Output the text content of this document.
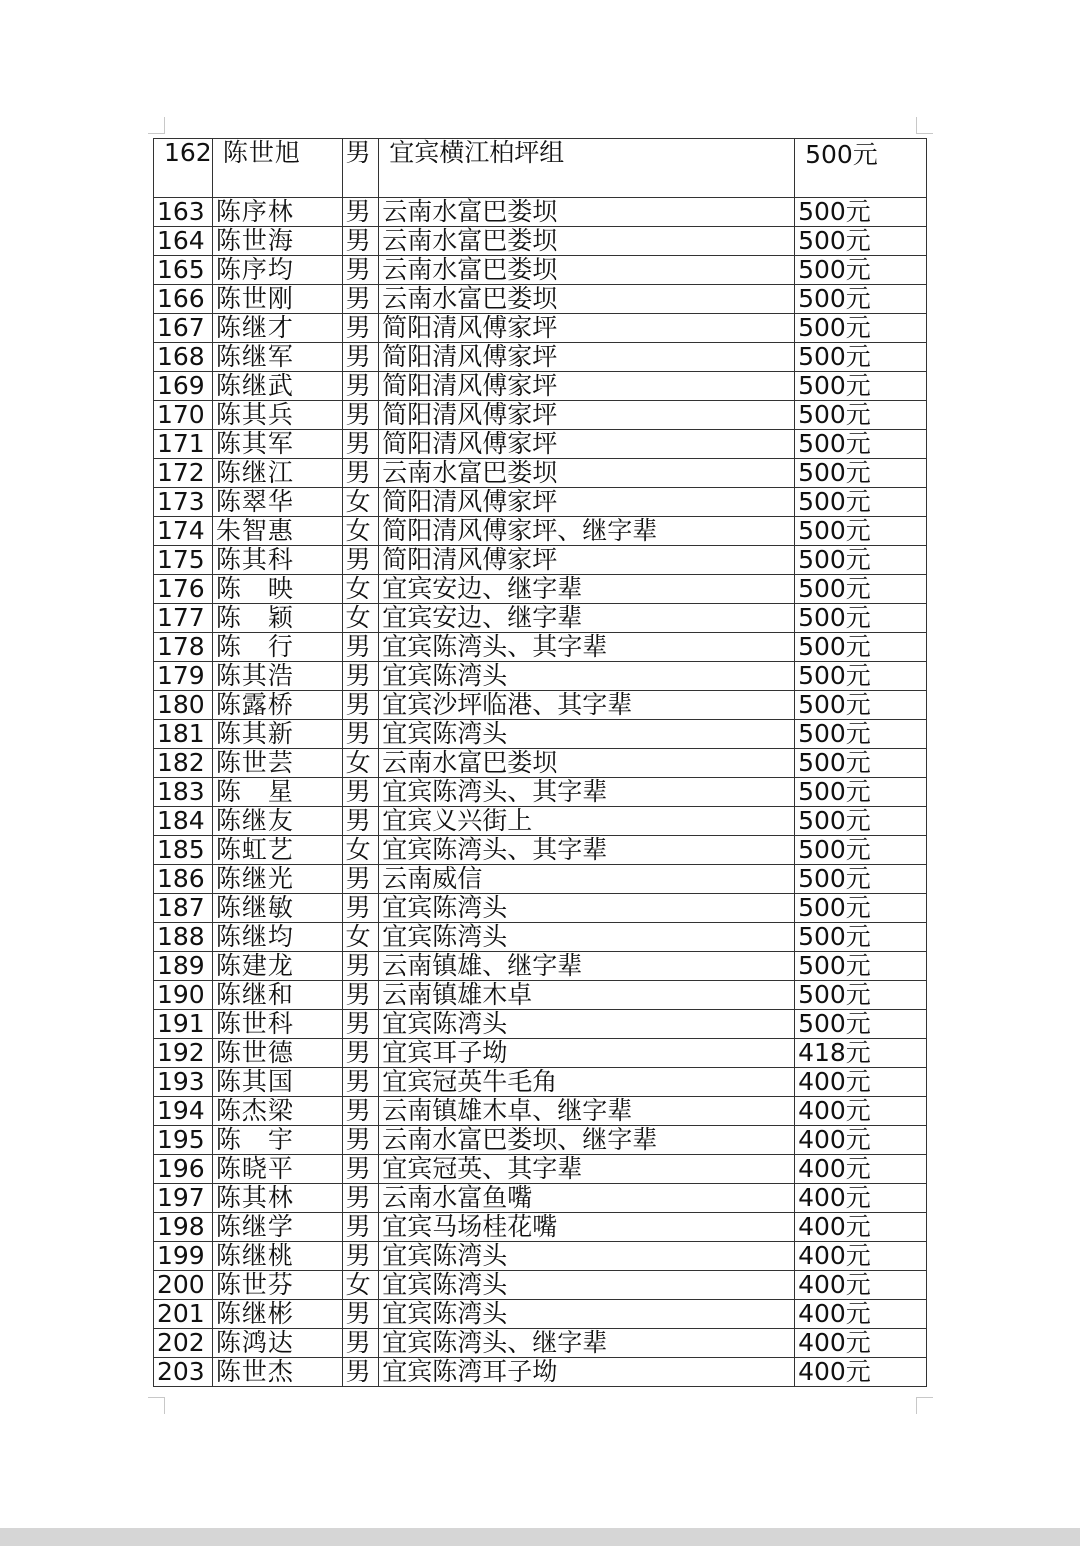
162	陈世旭	男	宜宾横江柏坪组	500元
163	陈序林	男	云南水富巴娄坝	500元
164	陈世海	男	云南水富巴娄坝	500元
165	陈序均	男	云南水富巴娄坝	500元
166	陈世刚	男	云南水富巴娄坝	500元
167	陈继才	男	简阳清风傅家坪	500元
168	陈继军	男	简阳清风傅家坪	500元
169	陈继武	男	简阳清风傅家坪	500元
170	陈其兵	男	简阳清风傅家坪	500元
171	陈其军	男	简阳清风傅家坪	500元
172	陈继江	男	云南水富巴娄坝	500元
173	陈翠华	女	简阳清风傅家坪	500元
174	朱智惠	女	简阳清风傅家坪、继字辈	500元
175	陈其科	男	简阳清风傅家坪	500元
176	陈　映	女	宜宾安边、继字辈	500元
177	陈　颖	女	宜宾安边、继字辈	500元
178	陈　行	男	宜宾陈湾头、其字辈	500元
179	陈其浩	男	宜宾陈湾头	500元
180	陈露桥	男	宜宾沙坪临港、其字辈	500元
181	陈其新	男	宜宾陈湾头	500元
182	陈世芸	女	云南水富巴娄坝	500元
183	陈　星	男	宜宾陈湾头、其字辈	500元
184	陈继友	男	宜宾义兴街上	500元
185	陈虹艺	女	宜宾陈湾头、其字辈	500元
186	陈继光	男	云南威信	500元
187	陈继敏	男	宜宾陈湾头	500元
188	陈继均	女	宜宾陈湾头	500元
189	陈建龙	男	云南镇雄、继字辈	500元
190	陈继和	男	云南镇雄木卓	500元
191	陈世科	男	宜宾陈湾头	500元
192	陈世德	男	宜宾耳子坳	418元
193	陈其国	男	宜宾冠英牛毛角	400元
194	陈杰梁	男	云南镇雄木卓、继字辈	400元
195	陈　宇	男	云南水富巴娄坝、继字辈	400元
196	陈晓平	男	宜宾冠英、其字辈	400元
197	陈其林	男	云南水富鱼嘴	400元
198	陈继学	男	宜宾马场桂花嘴	400元
199	陈继桃	男	宜宾陈湾头	400元
200	陈世芬	女	宜宾陈湾头	400元
201	陈继彬	男	宜宾陈湾头	400元
202	陈鸿达	男	宜宾陈湾头、继字辈	400元
203	陈世杰	男	宜宾陈湾耳子坳	400元
